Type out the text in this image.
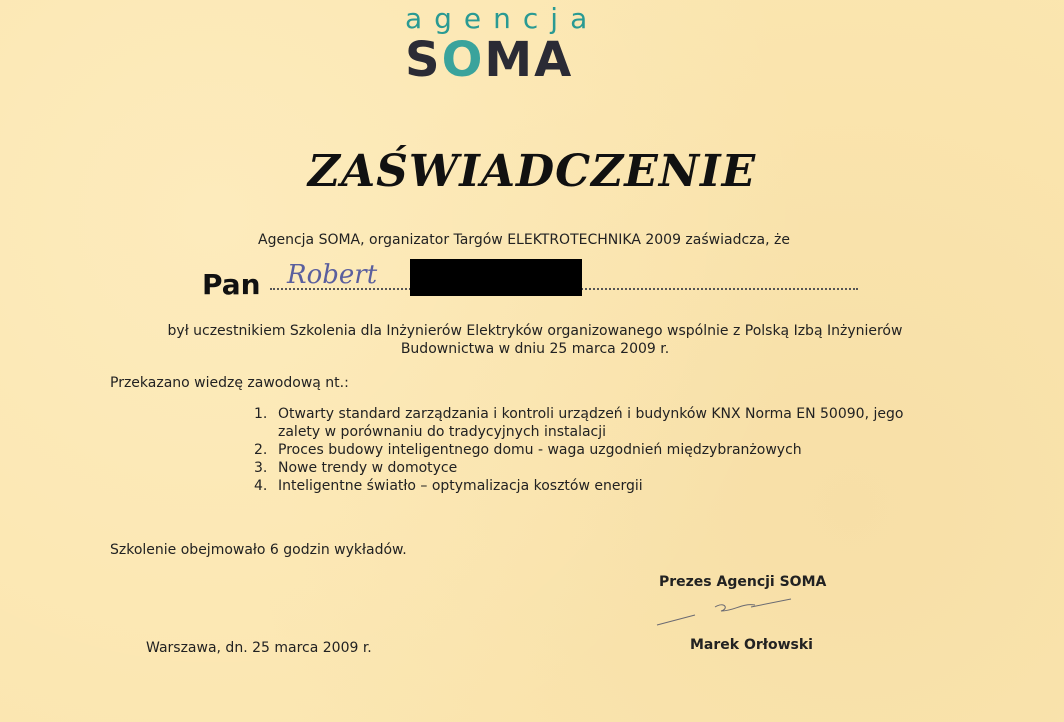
agencja
SOMA
ZAŚWIADCZENIE
Agencja SOMA, organizator Targów ELEKTROTECHNIKA 2009 zaświadcza, że
Pan Robert
był uczestnikiem Szkolenia dla Inżynierów Elektryków organizowanego wspólnie z Polską Izbą Inżynierów
Budownictwa w dniu 25 marca 2009 r.
Przekazano wiedzę zawodową nt.:
1. Otwarty standard zarządzania i kontroli urządzeń i budynków KNX Norma EN 50090, jego
zalety w porównaniu do tradycyjnych instalacji
2. Proces budowy inteligentnego domu - waga uzgodnień międzybranżowych
3. Nowe trendy w domotyce
4. Inteligentne światło – optymalizacja kosztów energii
Szkolenie obejmowało 6 godzin wykładów.
Prezes Agencji SOMA
Marek Orłowski
Warszawa, dn. 25 marca 2009 r.
